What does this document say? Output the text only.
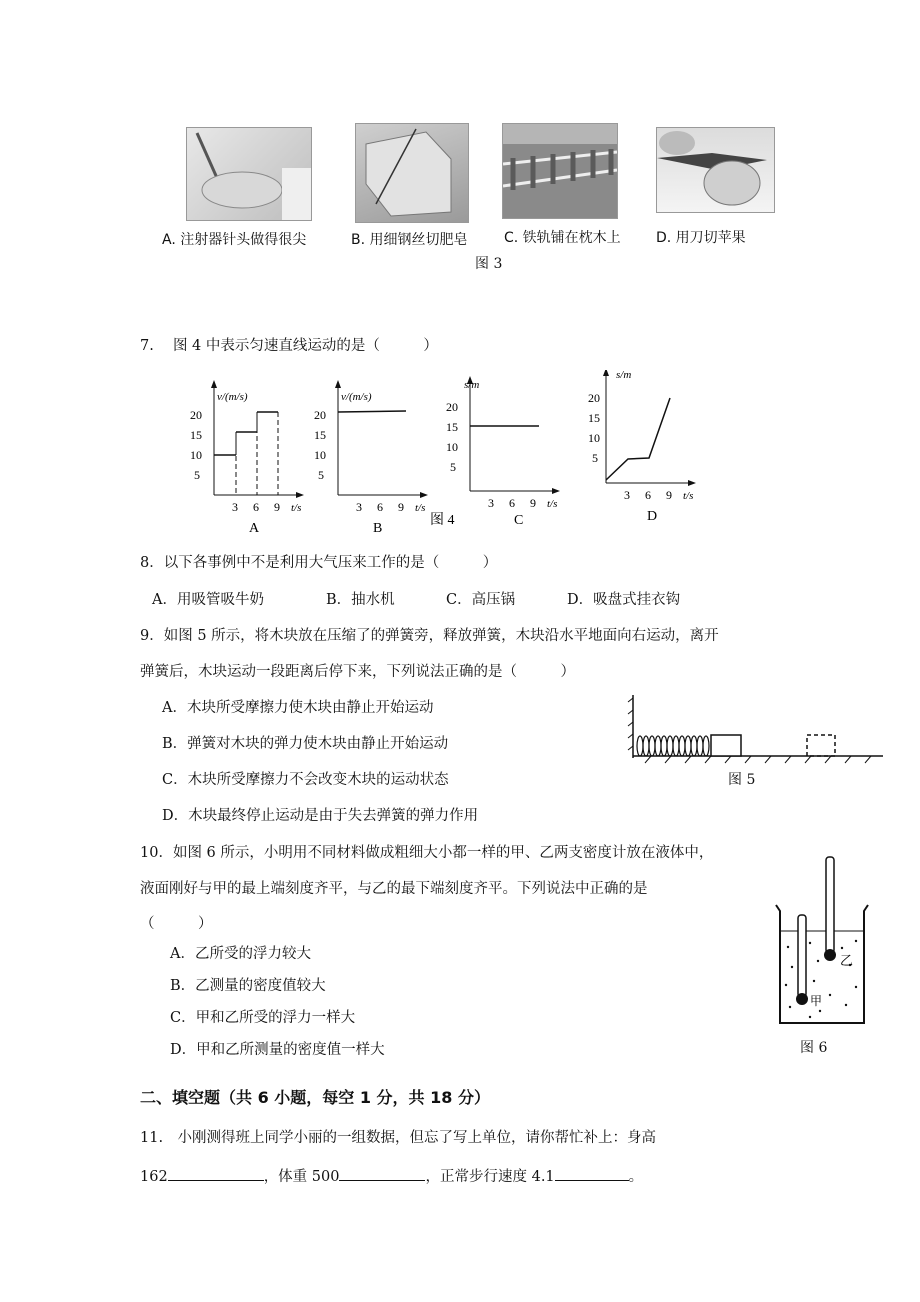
A. 注射器针头做得很尖	B. 用细钢丝切肥皂	C. 铁轨铺在枕木上	D. 用刀切苹果
图 3
7.　 图 4 中表示匀速直线运动的是（　　　）
v/(m/s)
5
10
15
20
3 6 9 t/s
A
v/(m/s)
5
10
15
20
3 6 9 t/s
B
s/m
5
10
15
20
3 6 9 t/s
C
s/m
5
10
15
20
3 6 9 t/s
D
图 4
8．以下各事例中不是利用大气压来工作的是（　　　）
A．用吸管吸牛奶	B．抽水机	C．高压锅	D．吸盘式挂衣钩
9．如图 5 所示，将木块放在压缩了的弹簧旁，释放弹簧，木块沿水平地面向右运动，离开
弹簧后，木块运动一段距离后停下来，下列说法正确的是（　　　）
A．木块所受摩擦力使木块由静止开始运动
B．弹簧对木块的弹力使木块由静止开始运动
C．木块所受摩擦力不会改变木块的运动状态
D．木块最终停止运动是由于失去弹簧的弹力作用
图 5
10．如图 6 所示，小明用不同材料做成粗细大小都一样的甲、乙两支密度计放在液体中，
液面刚好与甲的最上端刻度齐平，与乙的最下端刻度齐平。下列说法中正确的是
（　　　）
A．乙所受的浮力较大
B．乙测量的密度值较大
C．甲和乙所受的浮力一样大
D．甲和乙所测量的密度值一样大
甲
乙
图 6
二、填空题（共 6 小题，每空 1 分，共 18 分）
11.　小刚测得班上同学小丽的一组数据，但忘了写上单位，请你帮忙补上：身高
162	，体重 500	，正常步行速度 4.1	。
